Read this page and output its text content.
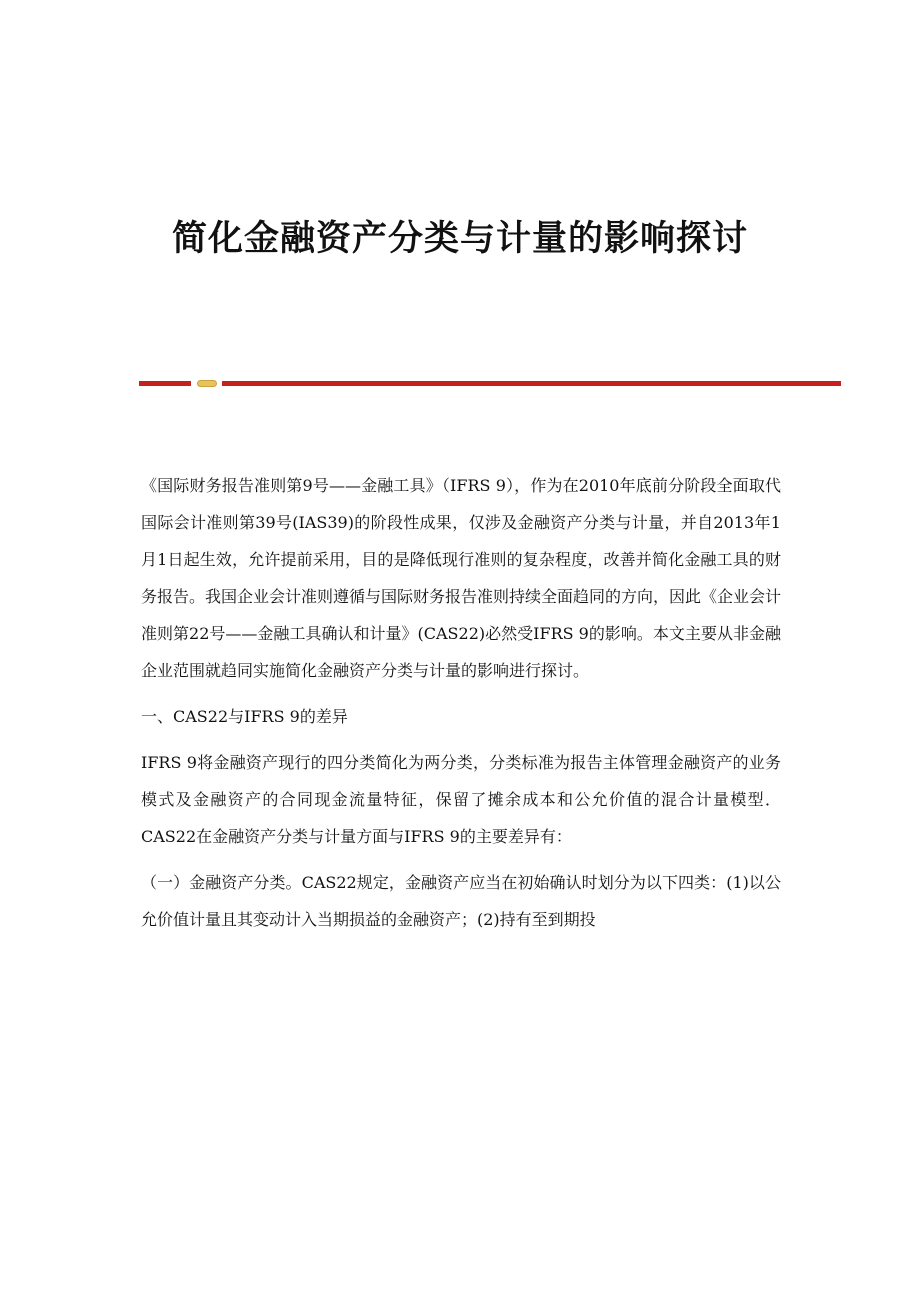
简化金融资产分类与计量的影响探讨

《国际财务报告准则第9号——金融工具》（IFRS 9），作为在2010年底前分阶段全面取代国际会计准则第39号(IAS39)的阶段性成果，仅涉及金融资产分类与计量，并自2013年1月1日起生效，允许提前采用，目的是降低现行准则的复杂程度，改善并简化金融工具的财务报告。我国企业会计准则遵循与国际财务报告准则持续全面趋同的方向，因此《企业会计准则第22号——金融工具确认和计量》(CAS22)必然受IFRS 9的影响。本文主要从非金融企业范围就趋同实施简化金融资产分类与计量的影响进行探讨。

一、CAS22与IFRS 9的差异

IFRS 9将金融资产现行的四分类简化为两分类，分类标准为报告主体管理金融资产的业务模式及金融资产的合同现金流量特征，保留了摊余成本和公允价值的混合计量模型．CAS22在金融资产分类与计量方面与IFRS 9的主要差异有：

（一）金融资产分类。CAS22规定，金融资产应当在初始确认时划分为以下四类：(1)以公允价值计量且其变动计入当期损益的金融资产；(2)持有至到期投
